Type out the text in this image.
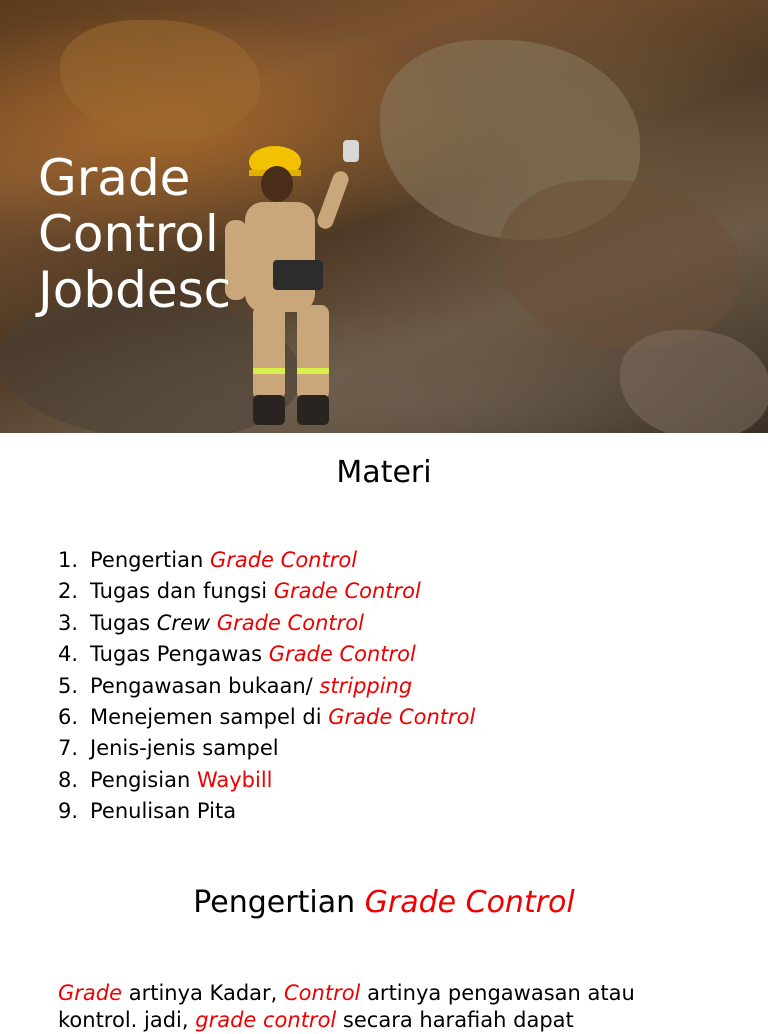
Grade
Control
Jobdesc
Materi
1. Pengertian Grade Control
2. Tugas dan fungsi Grade Control
3. Tugas Crew Grade Control
4. Tugas Pengawas Grade Control
5. Pengawasan bukaan/ stripping
6. Menejemen sampel di Grade Control
7. Jenis-jenis sampel
8. Pengisian Waybill
9. Penulisan Pita
Pengertian Grade Control

Grade artinya Kadar, Control artinya pengawasan atau kontrol. jadi, grade control secara harafiah dapat
